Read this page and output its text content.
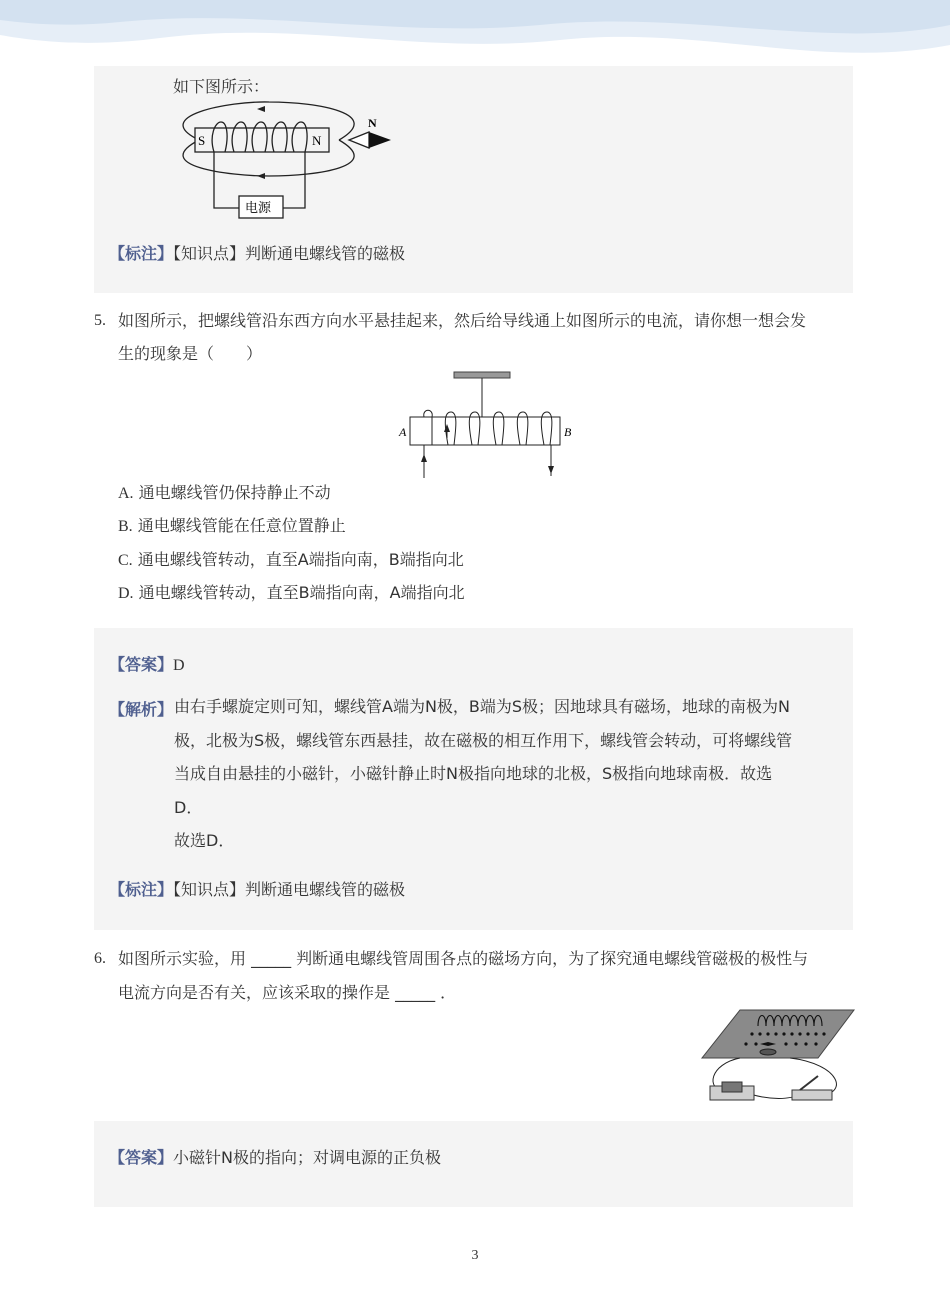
如下图所示：
S	N
N
电源
【标注】【知识点】判断通电螺线管的磁极
5. 如图所示，把螺线管沿东西方向水平悬挂起来，然后给导线通上如图所示的电流，请你想一想会发
生的现象是（　　）
A	B
A. 通电螺线管仍保持静止不动
B. 通电螺线管能在任意位置静止
C. 通电螺线管转动，直至A端指向南，B端指向北
D. 通电螺线管转动，直至B端指向南，A端指向北
【答案】D
【解析】 由右手螺旋定则可知，螺线管A端为N极，B端为S极；因地球具有磁场，地球的南极为N
极，北极为S极，螺线管东西悬挂，故在磁极的相互作用下，螺线管会转动，可将螺线管
当成自由悬挂的小磁针，小磁针静止时N极指向地球的北极，S极指向地球南极．故选
D．
故选D．
【标注】【知识点】判断通电螺线管的磁极
6. 如图所示实验，用 _____ 判断通电螺线管周围各点的磁场方向，为了探究通电螺线管磁极的极性与
电流方向是否有关，应该采取的操作是 _____ ．
【答案】小磁针N极的指向；对调电源的正负极
3
